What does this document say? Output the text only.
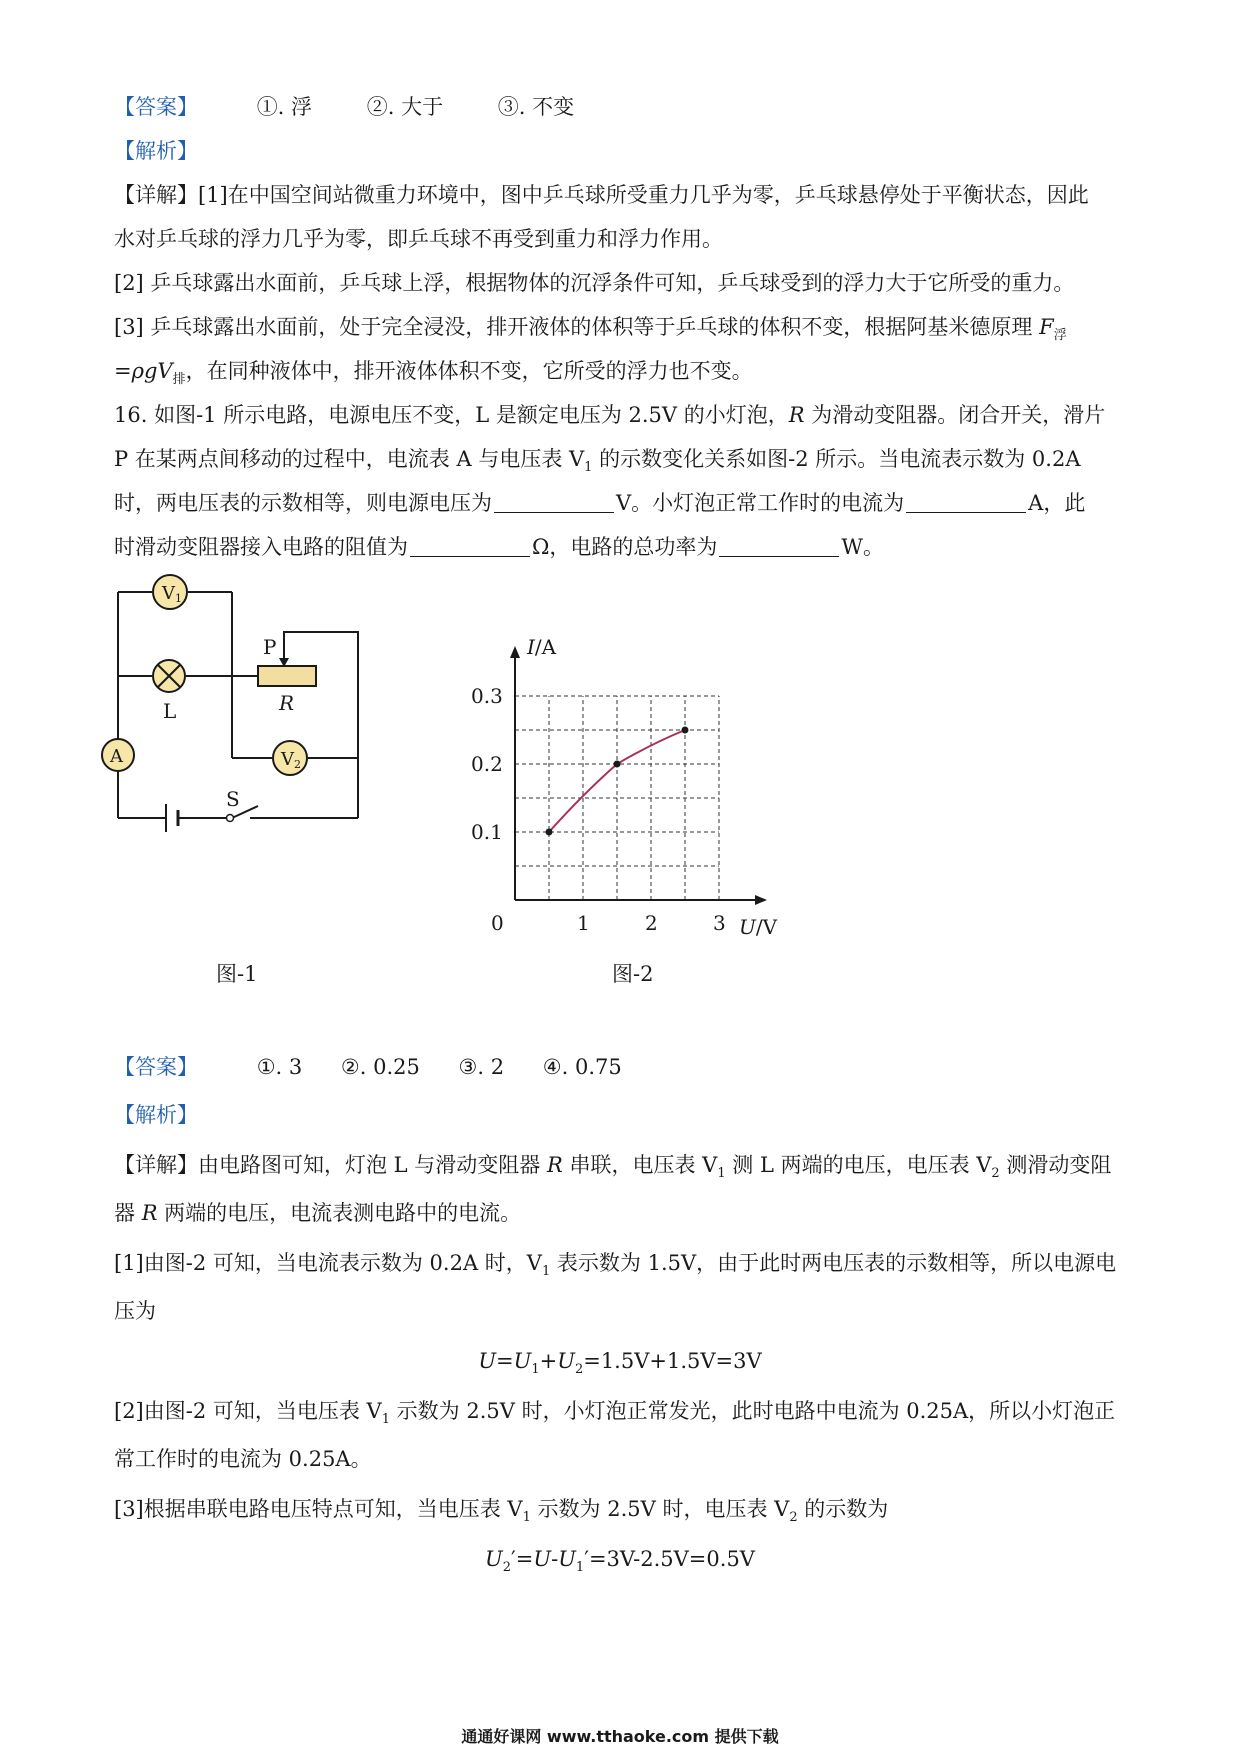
【答案】	①. 浮	②. 大于	③. 不变
【解析】
【详解】[1]在中国空间站微重力环境中，图中乒乓球所受重力几乎为零，乒乓球悬停处于平衡状态，因此
水对乒乓球的浮力几乎为零，即乒乓球不再受到重力和浮力作用。
[2] 乒乓球露出水面前，乒乓球上浮，根据物体的沉浮条件可知，乒乓球受到的浮力大于它所受的重力。
[3] 乒乓球露出水面前，处于完全浸没，排开液体的体积等于乒乓球的体积不变，根据阿基米德原理 $F_浮$
=ρgV$_排$，在同种液体中，排开液体体积不变，它所受的浮力也不变。
16. 如图-1 所示电路，电源电压不变，L 是额定电压为 2.5V 的小灯泡，R 为滑动变阻器。闭合开关，滑片
P 在某两点间移动的过程中，电流表 A 与电压表 $V_1$ 的示数变化关系如图-2 所示。当电流表示数为 0.2A
时，两电压表的示数相等，则电源电压为	V。小灯泡正常工作时的电流为	A，此
时滑动变阻器接入电路的阻值为	Ω，电路的总功率为	W。
V 1
L
P
R
A	V 2
S
图-1
1	2	3
0.1
0.2
0.3
0
I/A
U/V
图-2
【答案】	①. 3 ②. 0.25 ③. 2 ④. 0.75
【解析】
【详解】由电路图可知，灯泡 L 与滑动变阻器 R 串联，电压表 $V_1$ 测 L 两端的电压，电压表 $V_2$ 测滑动变阻
器 R 两端的电压，电流表测电路中的电流。
[1]由图-2 可知，当电流表示数为 0.2A 时，$V_1$ 表示数为 1.5V，由于此时两电压表的示数相等，所以电源电
压为
$U=U_1+U_2=1.5V+1.5V=3V$
[2]由图-2 可知，当电压表 $V_1$ 示数为 2.5V 时，小灯泡正常发光，此时电路中电流为 0.25A，所以小灯泡正
常工作时的电流为 0.25A。
[3]根据串联电路电压特点可知，当电压表 $V_1$ 示数为 2.5V 时，电压表 $V_2$ 的示数为
$U_2'=U-U_1'=3V-2.5V=0.5V$
通通好课网 www.tthaoke.com 提供下载
